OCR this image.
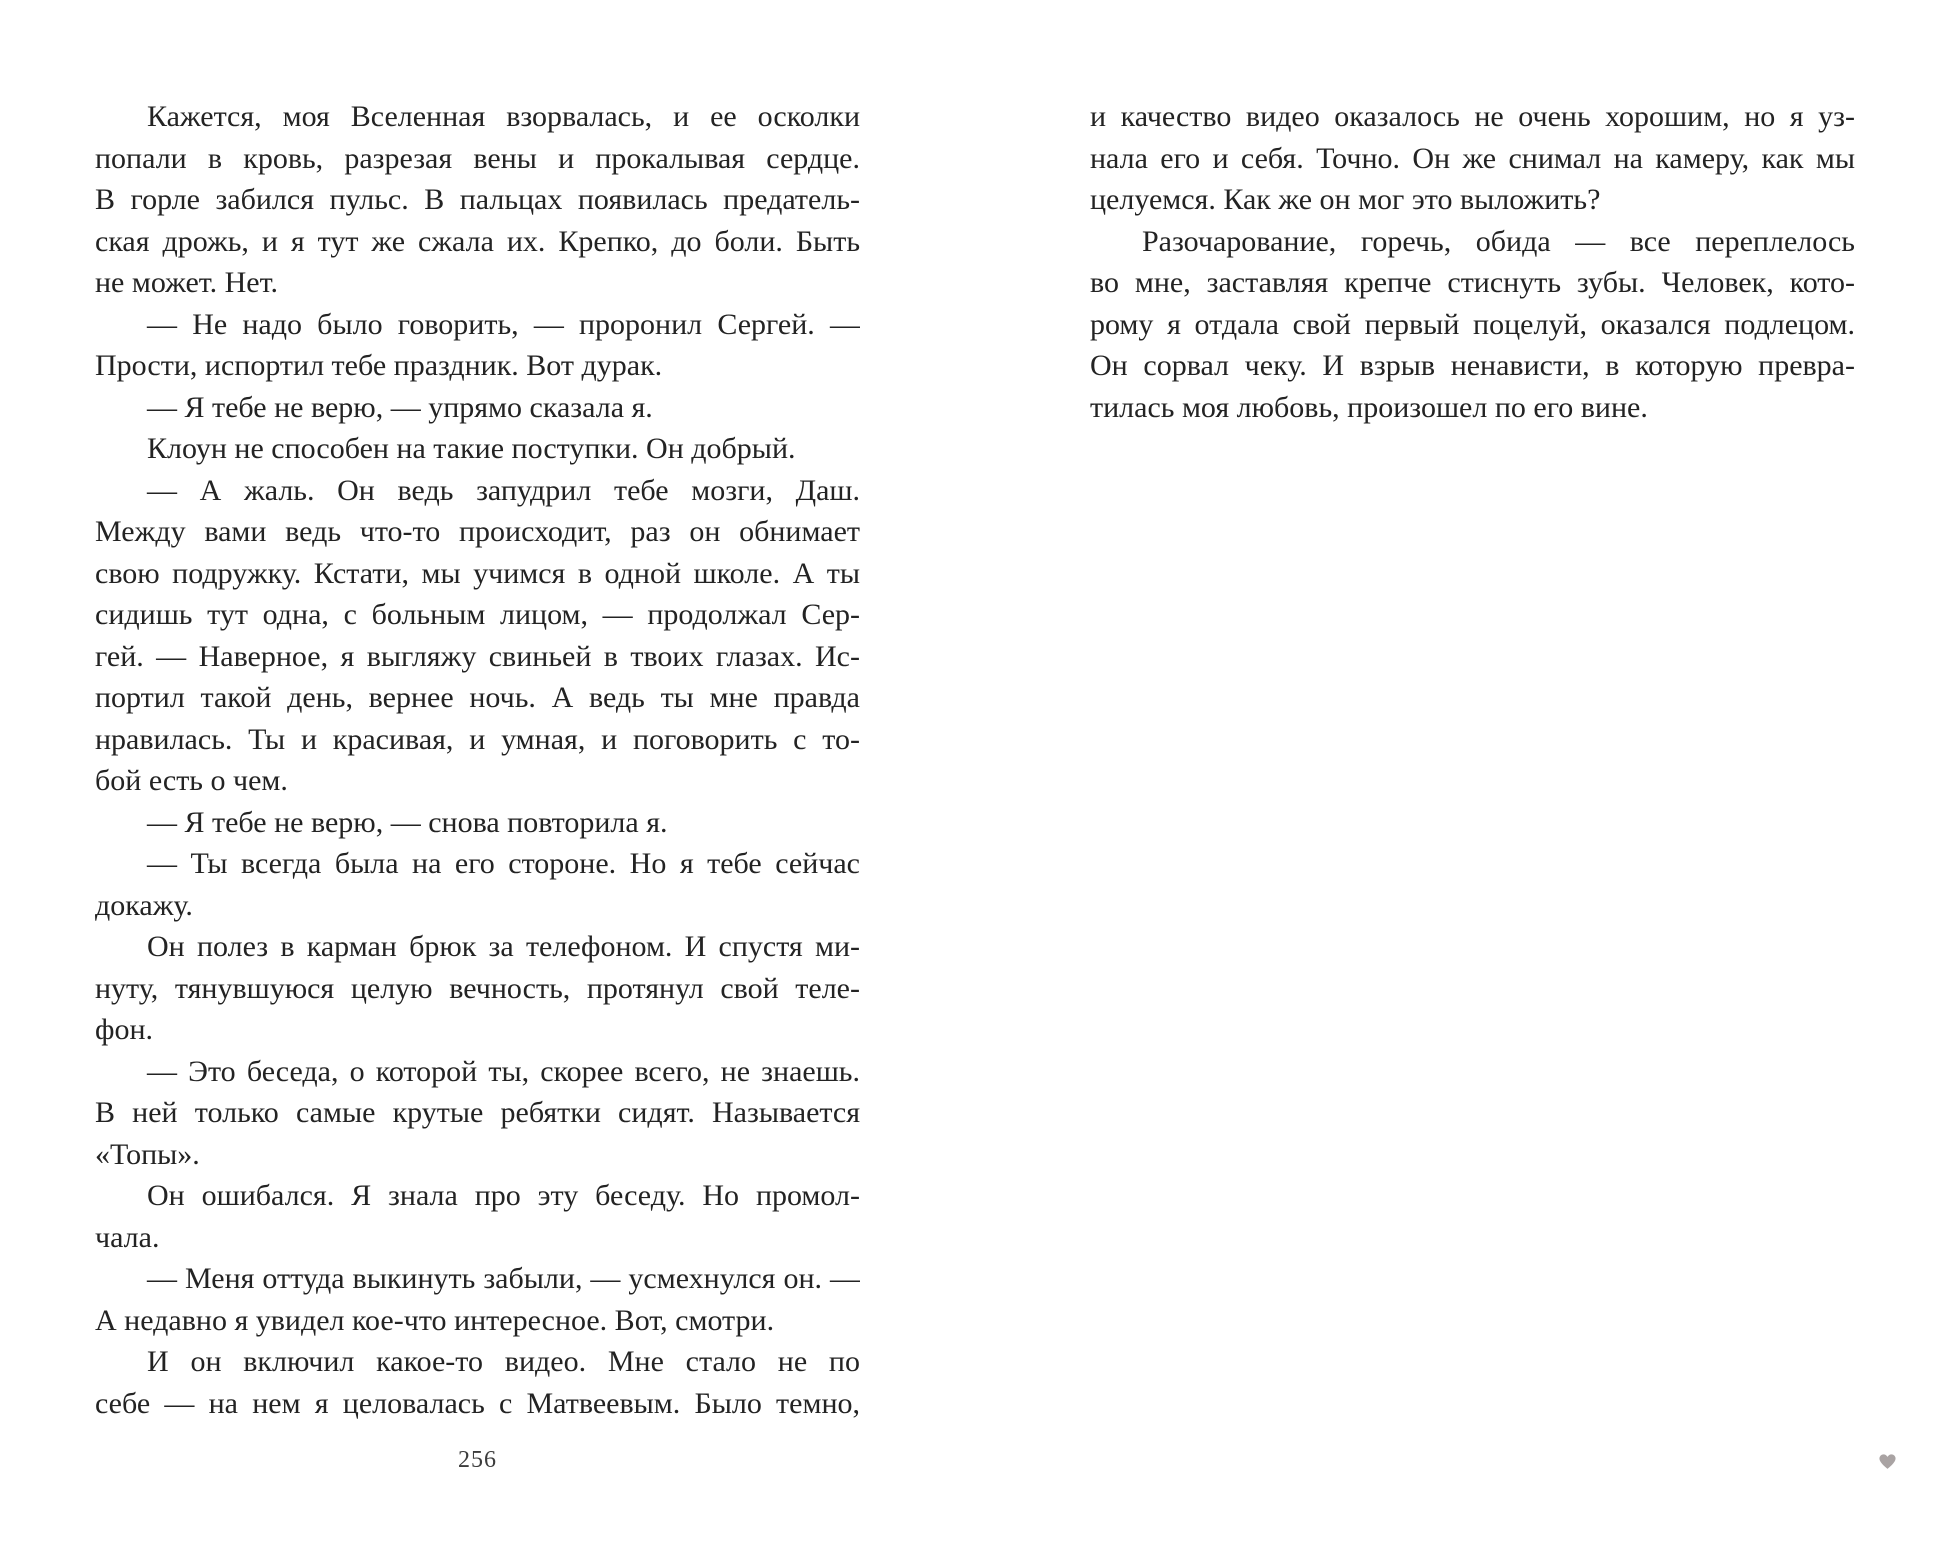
Кажется, моя Вселенная взорвалась, и ее осколки
попали в кровь, разрезая вены и прокалывая сердце.
В горле забился пульс. В пальцах появилась предатель-
ская дрожь, и я тут же сжала их. Крепко, до боли. Быть
не может. Нет.
— Не надо было говорить, — проронил Сергей. —
Прости, испортил тебе праздник. Вот дурак.
— Я тебе не верю, — упрямо сказала я.
Клоун не способен на такие поступки. Он добрый.
— А жаль. Он ведь запудрил тебе мозги, Даш.
Между вами ведь что-то происходит, раз он обнимает
свою подружку. Кстати, мы учимся в одной школе. А ты
сидишь тут одна, с больным лицом, — продолжал Сер-
гей. — Наверное, я выгляжу свиньей в твоих глазах. Ис-
портил такой день, вернее ночь. А ведь ты мне правда
нравилась. Ты и красивая, и умная, и поговорить с то-
бой есть о чем.
— Я тебе не верю, — снова повторила я.
— Ты всегда была на его стороне. Но я тебе сейчас
докажу.
Он полез в карман брюк за телефоном. И спустя ми-
нуту, тянувшуюся целую вечность, протянул свой теле-
фон.
— Это беседа, о которой ты, скорее всего, не знаешь.
В ней только самые крутые ребятки сидят. Называется
«Топы».
Он ошибался. Я знала про эту беседу. Но промол-
чала.
— Меня оттуда выкинуть забыли, — усмехнулся он. —
А недавно я увидел кое-что интересное. Вот, смотри.
И он включил какое-то видео. Мне стало не по
себе — на нем я целовалась с Матвеевым. Было темно,
256
и качество видео оказалось не очень хорошим, но я уз-
нала его и себя. Точно. Он же снимал на камеру, как мы
целуемся. Как же он мог это выложить?
Разочарование, горечь, обида — все переплелось
во мне, заставляя крепче стиснуть зубы. Человек, кото-
рому я отдала свой первый поцелуй, оказался подлецом.
Он сорвал чеку. И взрыв ненависти, в которую превра-
тилась моя любовь, произошел по его вине.
